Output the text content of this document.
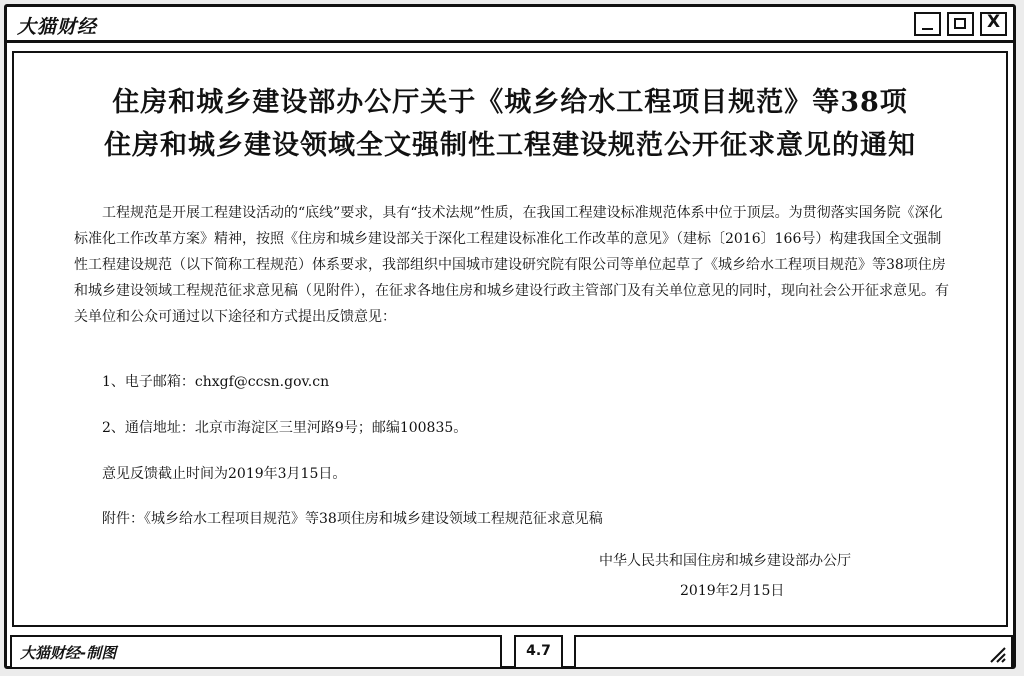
大猫财经	X
住房和城乡建设部办公厅关于《城乡给水工程项目规范》等38项
住房和城乡建设领域全文强制性工程建设规范公开征求意见的通知
工程规范是开展工程建设活动的“底线”要求，具有“技术法规”性质，在我国工程建设标准规范体系中位于顶层。为贯彻落实国务院《深化标准化工作改革方案》精神，按照《住房和城乡建设部关于深化工程建设标准化工作改革的意见》（建标〔2016〕166号）构建我国全文强制性工程建设规范（以下简称工程规范）体系要求，我部组织中国城市建设研究院有限公司等单位起草了《城乡给水工程项目规范》等38项住房和城乡建设领域工程规范征求意见稿（见附件），在征求各地住房和城乡建设行政主管部门及有关单位意见的同时，现向社会公开征求意见。有关单位和公众可通过以下途径和方式提出反馈意见：
1、电子邮箱：chxgf@ccsn.gov.cn
2、通信地址：北京市海淀区三里河路9号；邮编100835。
意见反馈截止时间为2019年3月15日。
附件：《城乡给水工程项目规范》等38项住房和城乡建设领域工程规范征求意见稿
中华人民共和国住房和城乡建设部办公厅
2019年2月15日
大猫财经-制图	4.7
